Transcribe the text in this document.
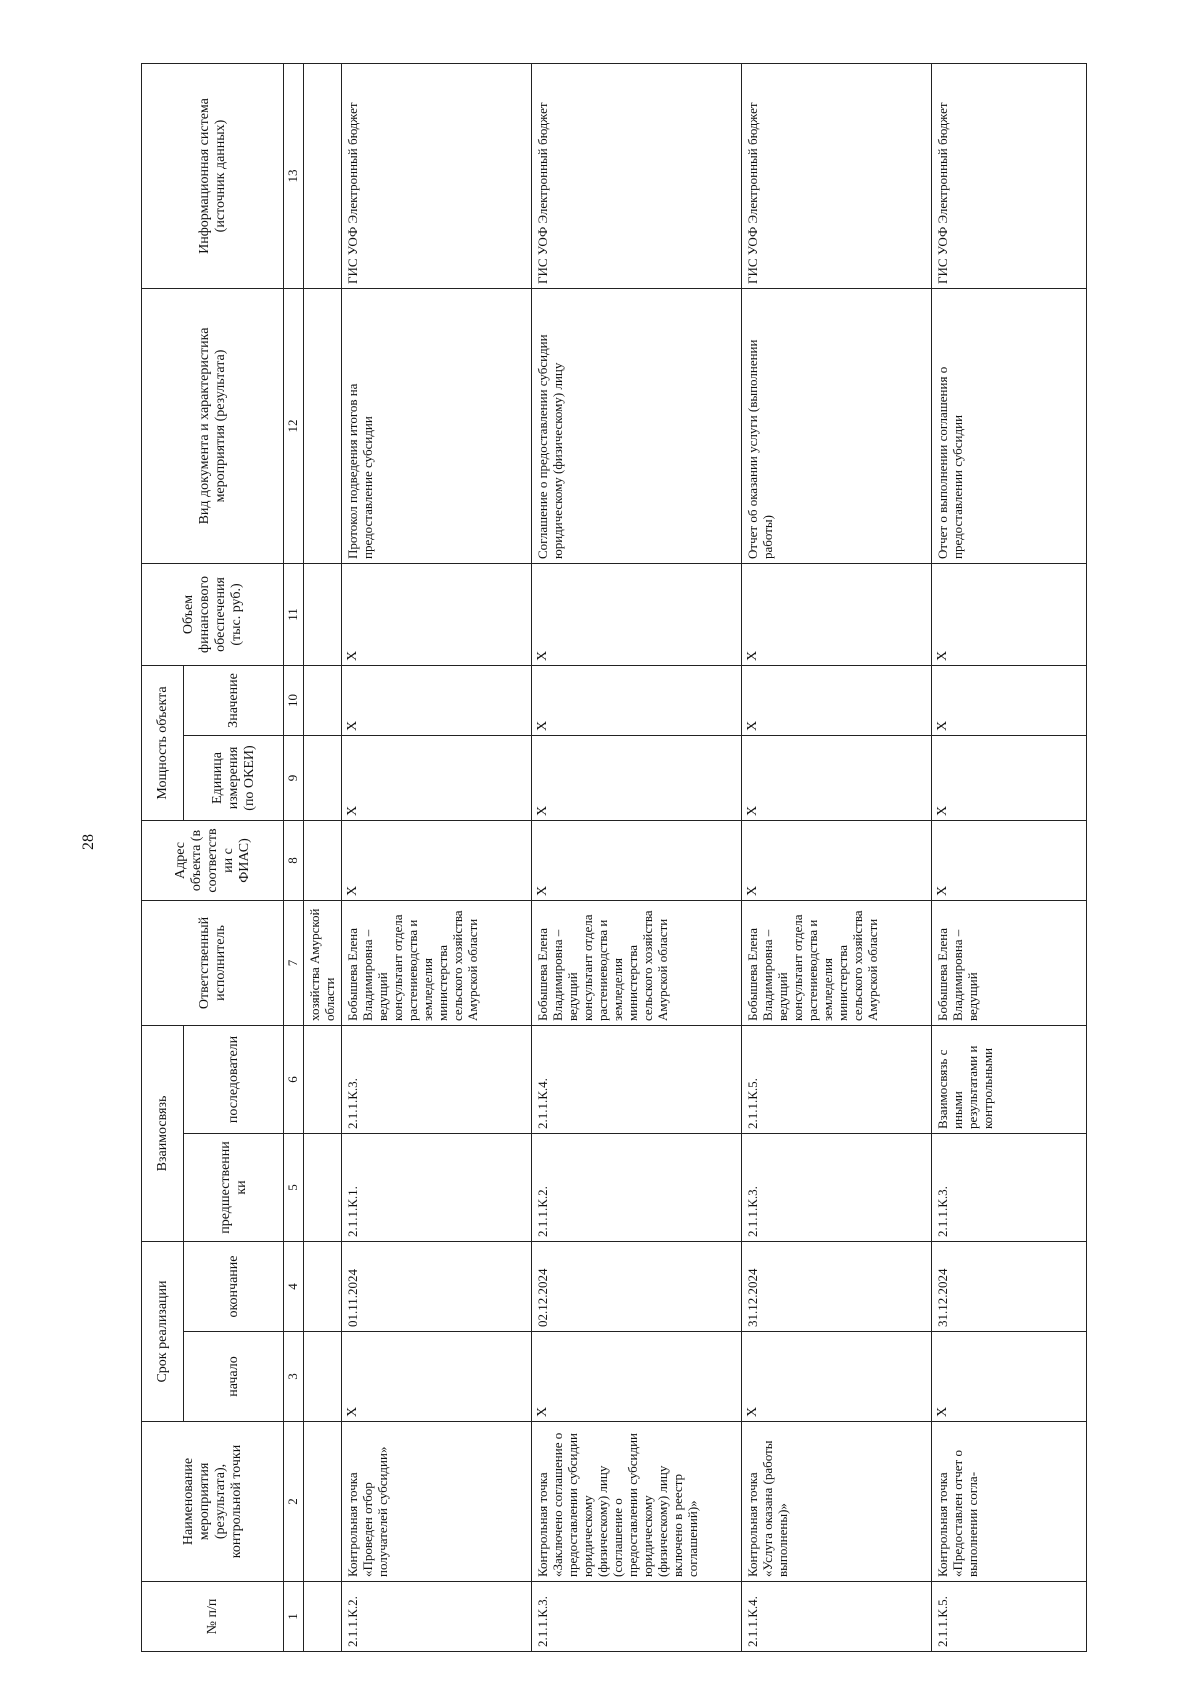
28
№ п/п	Наименование мероприятия (результата), контрольной точки	Срок реализации		Взаимосвязь		Ответственный исполнитель	Адрес объекта (в соответствии с ФИАС)	Мощность объекта		Объем финансового обеспечения (тыс. руб.)	Вид документа и характеристика мероприятия (результата)	Информационная система (источник данных)
		начало	окончание	предшественники	последователи			Единица измерения (по ОКЕИ)	Значение			
1	2	3	4	5	6	7	8	9	10	11	12	13
						хозяйства Амурской области						
2.1.1.К.2.	Контрольная точка «Проведен отбор получателей субсидии»	Х	01.11.2024	2.1.1.К.1.	2.1.1.К.3.	Бобышева Елена Владимировна –ведущий консультант отдела растениеводства и земледелия министерства сельского хозяйства Амурской области	Х	Х	Х	Х	Протокол подведения итогов на предоставление субсидии	ГИС УОФ Электронный бюджет
2.1.1.К.3.	Контрольная точка «Заключено соглашение о предоставлении субсидии юридическому (физическому) лицу (соглашение о предоставлении субсидии юридическому (физическому) лицу включено в реестр соглашений)»	Х	02.12.2024	2.1.1.К.2.	2.1.1.К.4.	Бобышева Елена Владимировна –ведущий консультант отдела растениеводства и земледелия министерства сельского хозяйства Амурской области	Х	Х	Х	Х	Соглашение о предоставлении субсидии юридическому (физическому) лицу	ГИС УОФ Электронный бюджет
2.1.1.К.4.	Контрольная точка «Услуга оказана (работы выполнены)»	Х	31.12.2024	2.1.1.К.3.	2.1.1.К.5.	Бобышева Елена Владимировна –ведущий консультант отдела растениеводства и земледелия министерства сельского хозяйства Амурской области	Х	Х	Х	Х	Отчет об оказании услуги (выполнении работы)	ГИС УОФ Электронный бюджет
2.1.1.К.5.	Контрольная точка «Предоставлен отчет о выполнении согла-	Х	31.12.2024	2.1.1.К.3.	Взаимосвязь с иными результатами и контрольными	Бобышева Елена Владимировна –ведущий	Х	Х	Х	Х	Отчет о выполнении соглашения о предоставлении субсидии	ГИС УОФ Электронный бюджет
